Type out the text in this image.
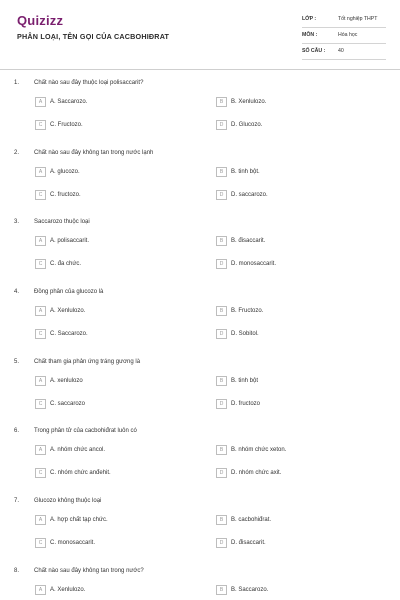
Quizizz
PHÂN LOẠI, TÊN GỌI CỦA CACBOHIĐRAT
LỚP :	Tốt nghiệp THPT
MÔN :	Hóa học
SỐ CÂU : 40
1. Chất nào sau đây thuộc loại polisaccarit?
A	A. Saccarozo.	B	B. Xenlulozo.
C	C. Fructozo.	D	D. Glucozo.
2. Chất nào sau đây không tan trong nước lạnh
A	A. glucozo.	B	B. tinh bột.
C	C. fructozo.	D	D. saccarozo.
3. Saccarozo thuộc loại
A	A. polisaccarit.	B	B. đisaccarit.
C	C. đa chức.	D	D. monosaccarit.
4. Đồng phân của glucozo là
A	A. Xenlulozo.	B	B. Fructozo.
C	C. Saccarozo.	D	D. Sobitol.
5. Chất tham gia phản ứng tráng gương là
A	A. xenlulozo	B	B. tinh bột
C	C. saccarozo	D	D. fructozo
6. Trong phân tử của cacbohiđrat luôn có
A	A. nhóm chức ancol.	B	B. nhóm chức xeton.
C	C. nhóm chức anđehit.	D	D. nhóm chức axit.
7. Glucozo không thuộc loại
A	A. hợp chất tạp chức.	B	B. cacbohiđrat.
C	C. monosaccarit.	D	D. đisaccarit.
8. Chất nào sau đây không tan trong nước?
A	A. Xenlulozo.	B	B. Saccarozo.
